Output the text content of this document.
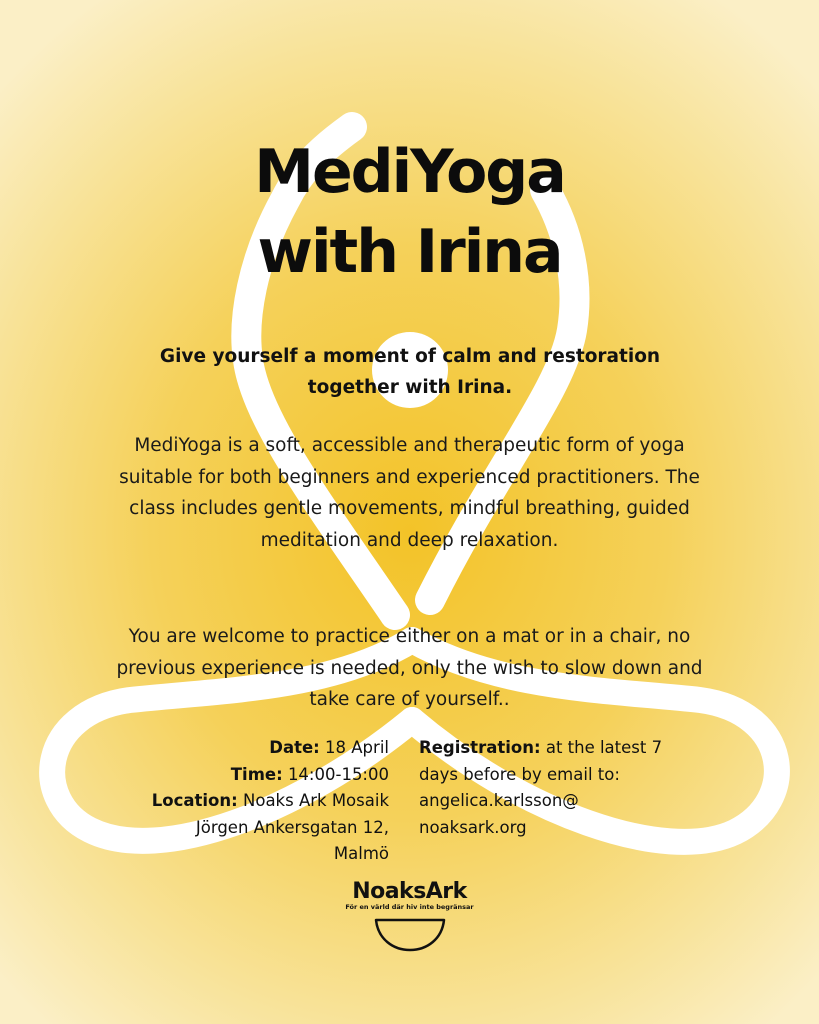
MediYoga
with Irina
Give yourself a moment of calm and restoration together with Irina.
MediYoga is a soft, accessible and therapeutic form of yoga suitable for both beginners and experienced practitioners. The class includes gentle movements, mindful breathing, guided meditation and deep relaxation.
You are welcome to practice either on a mat or in a chair, no previous experience is needed, only the wish to slow down and take care of yourself..
Date: 18 April
Time: 14:00-15:00
Location: Noaks Ark Mosaik
Jörgen Ankersgatan 12,
Malmö
Registration: at the latest 7
days before by email to:
angelica.karlsson@
noaksark.org
NoaksArk
För en värld där hiv inte begränsar
